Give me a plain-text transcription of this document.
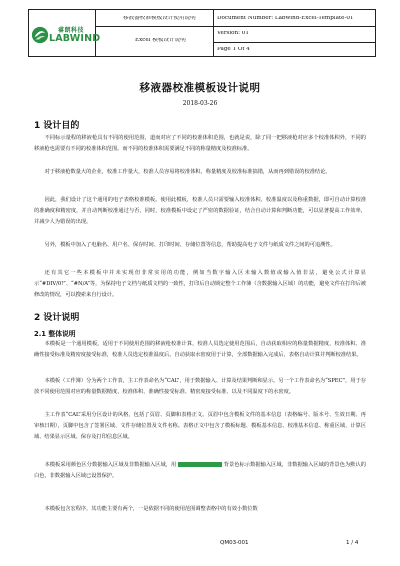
睿朗科技
LABWIND
移液器校准模板设计使用说明	Document Number: Labwind-Excel-Template-01
Excel 模板设计说明
Version: 01
Page 1 Of 4
移液器校准模板设计说明
2018-03-26
1 设计目的
不同标示量程的移液枪具有不同的使用范围，道而对应了不同的校准体积范围，也就是说，除了同一把移液枪对应多个校准体积外，不同的移液枪也需要有不同的校准体积范围。而不同的校准体积需要满足不同的称量精度及校准标准。
对于移液枪数量大的企业，校准工作量大，校准人员容易将校准体积、称量精度及校准标准搞错，从而再到错误的校准结论。
因此，我们设计了这个通用的电子表格校准模板。使用此模板，校准人员只需要输入校准体积、校准温度以及称重数据，即可自动计算校准的准确度和精密度，并自动判断校准通过与否，同时，校准模板中设定了严密的数据验证，结合自动计算和判断功能，可以显著提高工作效率，并减少人为错误的出现。
另外，模板中加入了电脑名、用户名、保存时间、打印时间、存储位置等信息，帮助提高电子文件与纸质文件之间的可追溯性。
还有其它一些本模板中并未实现但非常实用的功能，例如当数字输入区未输入数值或输入值非法，避免公式计算显示“#DIV/0!”、“#N/A”等，为保持电子文档与纸质文档的一致性，打印后自动锁定整个工作簿（含数据输入区域）的功能，避免文件在打印后被修改的情况，可以搜索来自行设计。
2 设计说明
2.1 整体说明
本模板是一个通用模板，适用于不同使用范围的移液枪校准计算，校准人员选定使用范围后，自动获取相应的称量数据精度、校准体积、准确性接受标准及精密度接受标准，校准人员选定校准温度后，自动获取水密度用于计算，全部数据输入完成后，表格自动计算并判断校准结果。
本模板（工作簿）分为两个工作表，主工作表命名为“CAL”，用于数据输入、计算及结果判断和显示。另一个工作表命名为“SPEC”，用于存放不同使用范围对应的称量数据精度、校准体积、准确性接受标准、精密度接受标准、以及不同温度下的水密度。
主工作表“CAL”采用分区设计的风格，包括了页眉、页脚和表格正文。页眉中包含模板文件的基本信息（表格编号、版本号、生效日期、再审核日期），页脚中包含了签署区域、文件存储位置及文件名称。表格正文中包含了模板标题、模板基本信息、校准基本信息、称重区域、计算区域、结果显示区域、保存及打印信息区域。
本模板采用颜色区分数据输入区域及非数据输入区域，用	背景色标示数据输入区域，非数据输入区域的背景色为默认的白色，非数据输入区域已设置保护。
本模板包含宏程序，其功能主要有两个，一是依据不同的使用范围调整表格中的有效小数位数
QM03-001	1 / 4
